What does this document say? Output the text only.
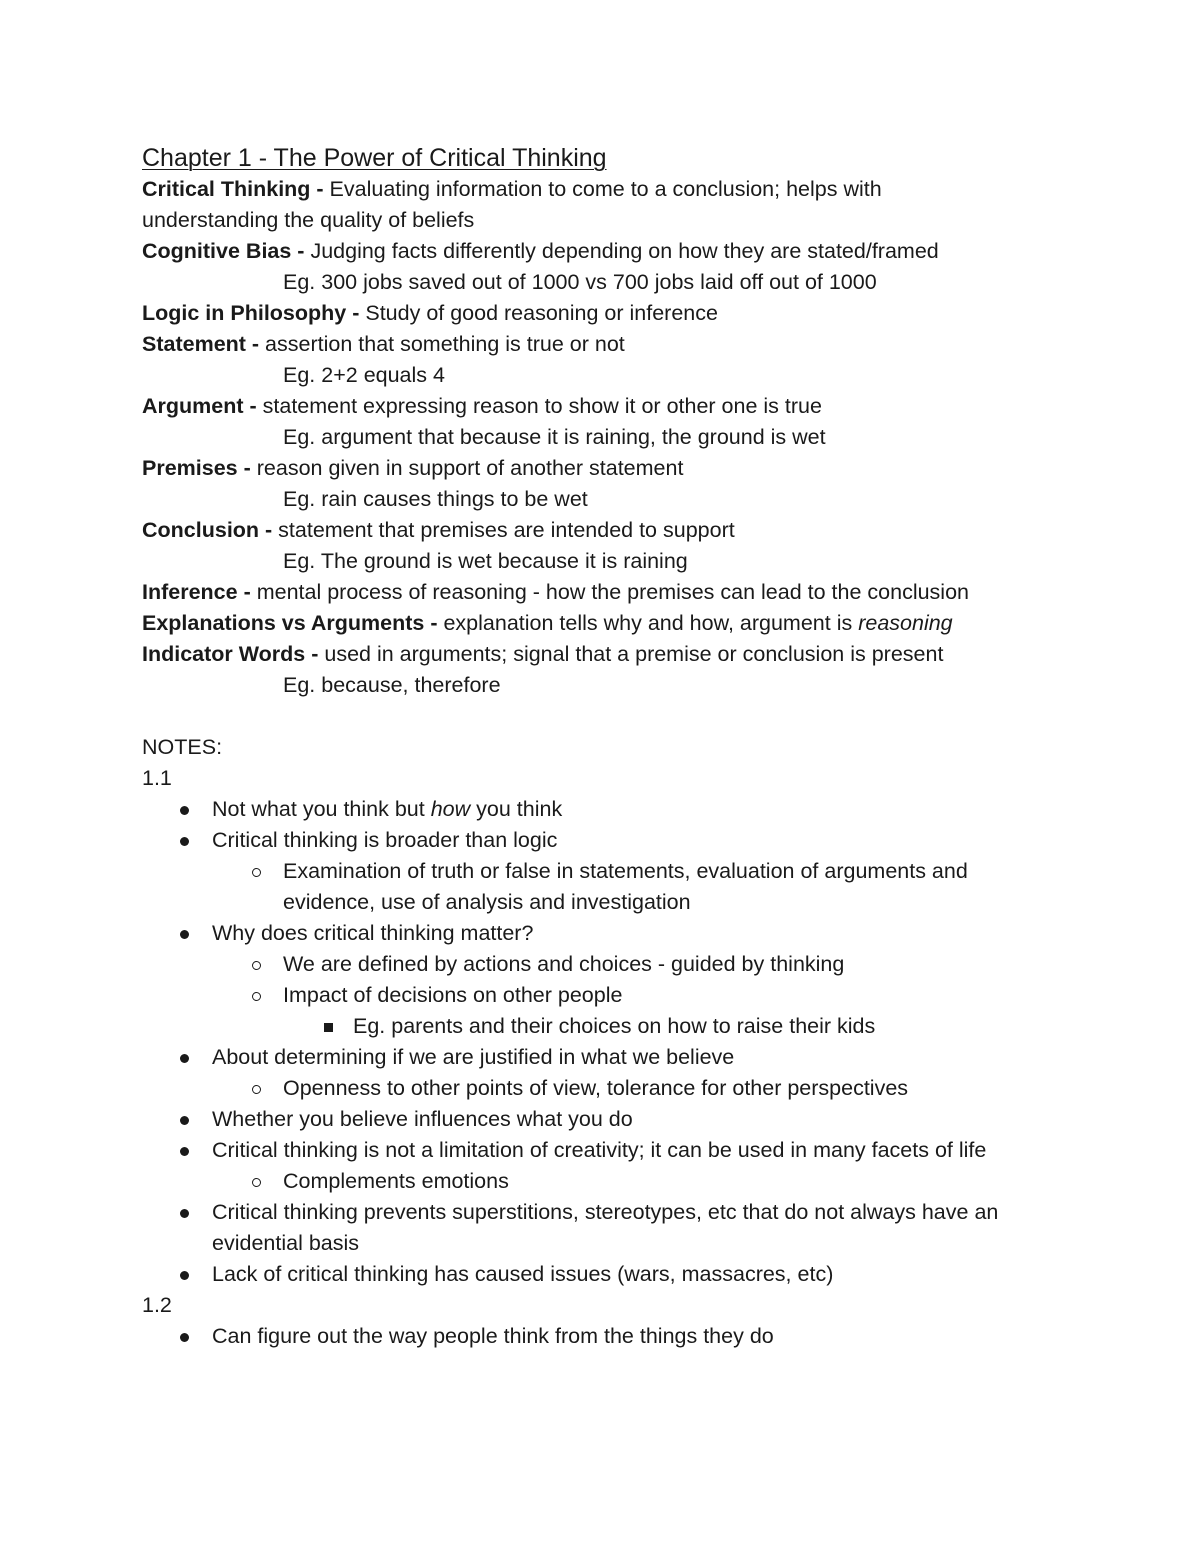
Chapter 1 - The Power of Critical Thinking
Critical Thinking - Evaluating information to come to a conclusion; helps with understanding the quality of beliefs
Cognitive Bias - Judging facts differently depending on how they are stated/framed
Eg. 300 jobs saved out of 1000 vs 700 jobs laid off out of 1000
Logic in Philosophy - Study of good reasoning or inference
Statement - assertion that something is true or not
Eg. 2+2 equals 4
Argument - statement expressing reason to show it or other one is true
Eg. argument that because it is raining, the ground is wet
Premises - reason given in support of another statement
Eg. rain causes things to be wet
Conclusion - statement that premises are intended to support
Eg. The ground is wet because it is raining
Inference - mental process of reasoning - how the premises can lead to the conclusion
Explanations vs Arguments - explanation tells why and how, argument is reasoning
Indicator Words - used in arguments; signal that a premise or conclusion is present
Eg. because, therefore
NOTES:
1.1
Not what you think but how you think
Critical thinking is broader than logic
Examination of truth or false in statements, evaluation of arguments and evidence, use of analysis and investigation
Why does critical thinking matter?
We are defined by actions and choices - guided by thinking
Impact of decisions on other people
Eg. parents and their choices on how to raise their kids
About determining if we are justified in what we believe
Openness to other points of view, tolerance for other perspectives
Whether you believe influences what you do
Critical thinking is not a limitation of creativity; it can be used in many facets of life
Complements emotions
Critical thinking prevents superstitions, stereotypes, etc that do not always have an evidential basis
Lack of critical thinking has caused issues (wars, massacres, etc)
1.2
Can figure out the way people think from the things they do
